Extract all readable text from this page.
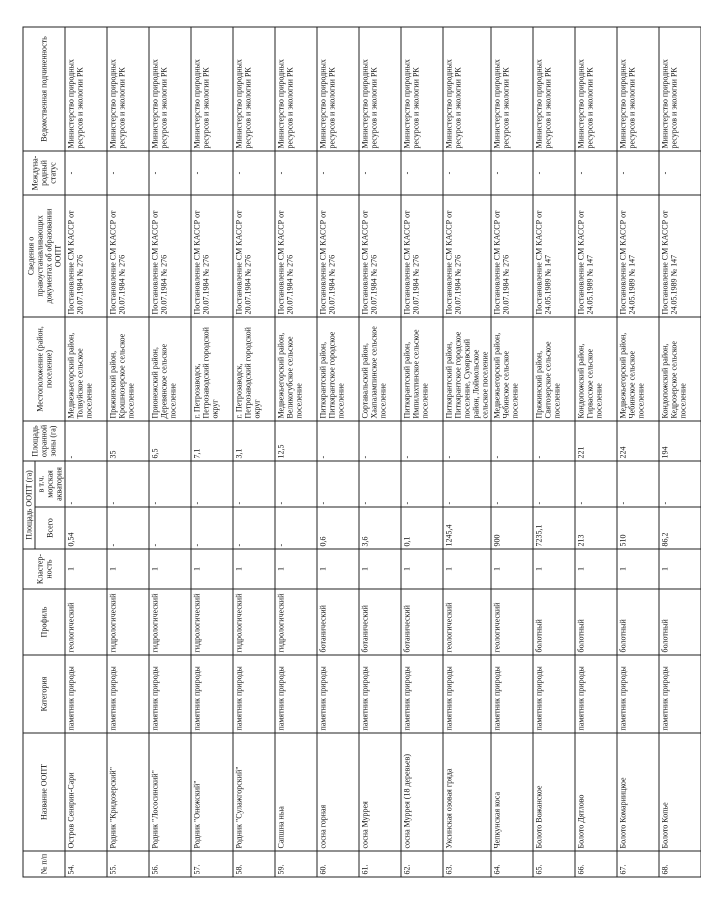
№ п/п	Название ООПТ	Категория	Профиль	Кластер-ность	Площадь ООПТ (га)		Площадь охранной зоны (га)	Местоположение (район, поселение)	Сведения о правоустанавливающих документах об образовании ООПТ	Междуна-родный статус	Ведомственная подчиненность
					Всего	в т.ч. морская акватория					
54.	Остров Сенярин-Сари	памятник природы	геологический	1	0,54	-	-	Медвежьегорский район, Толвуйское сельское поселение	Постановление СМ КАССР от 20.07.1984 № 276	-	Министерство природных ресурсов и экологии РК
55.	Родник "Кридозерский"	памятник природы	гидрологический	1	-	-	35	Пряжинский район, Крошнозерское сельское поселение	Постановление СМ КАССР от 20.07.1984 № 276	-	Министерство природных ресурсов и экологии РК
56.	Родник "Лососинский"	памятник природы	гидрологический	1	-	-	6,5	Прионежский район, Деревянское сельское поселение	Постановление СМ КАССР от 20.07.1984 № 276	-	Министерство природных ресурсов и экологии РК
57.	Родник "Онежский"	памятник природы	гидрологический	1	-	-	7,1	г. Петрозаводск, Петрозаводский городской округ	Постановление СМ КАССР от 20.07.1984 № 276	-	Министерство природных ресурсов и экологии РК
58.	Родник "Сулажгорский"	памятник природы	гидрологический	1	-	-	3,1	г. Петрозаводск, Петрозаводский городской округ	Постановление СМ КАССР от 20.07.1984 № 276	-	Министерство природных ресурсов и экологии РК
59.	Сапшна ныа	памятник природы	гидрологический	1	-	-	12,5	Медвежьегорский район, Великогубское сельское поселение	Постановление СМ КАССР от 20.07.1984 № 276	-	Министерство природных ресурсов и экологии РК
60.	сосна горная	памятник природы	ботанический	1	0,6	-	-	Питкярантский район, Питкярантское городское поселение	Постановление СМ КАССР от 20.07.1984 № 276	-	Министерство природных ресурсов и экологии РК
61.	сосна Муррея	памятник природы	ботанический	1	3,6	-	-	Сортавальский район, Хаапалампинское сельское поселение	Постановление СМ КАССР от 20.07.1984 № 276	-	Министерство природных ресурсов и экологии РК
62.	сосна Муррея (18 деревьев)	памятник природы	ботанический	1	0,1	-	-	Питкярантский район, Импилахтинское сельское поселение	Постановление СМ КАССР от 20.07.1984 № 276	-	Министерство природных ресурсов и экологии РК
63.	Уксинская озовая гряда	памятник природы	геологический	1	1245,4	-	-	Питкярантский район, Питкярантское городское поселение, Суоярвский район, Лоймольское сельское поселение	Постановление СМ КАССР от 20.07.1984 № 276	-	Министерство природных ресурсов и экологии РК
64.	Чепкунская коса	памятник природы	геологический	1	900	-	-	Медвежьегорский район, Чебинское сельское поселение	Постановление СМ КАССР от 20.07.1984 № 276	-	Министерство природных ресурсов и экологии РК
65.	Болото Вожанское	памятник природы	болотный	1	7235,1	-	-	Пряжинский район, Святозерское сельское поселение	Постановление СМ КАССР от 24.05.1989 № 147	-	Министерство природных ресурсов и экологии РК
66.	Болото Дятлово	памятник природы	болотный	1	213	-	221	Кондопожский район, Гирвасское сельское поселение	Постановление СМ КАССР от 24.05.1989 № 147	-	Министерство природных ресурсов и экологии РК
67.	Болото Комариицкое	памятник природы	болотный	1	510	-	224	Медвежьегорский район, Чебинское сельское поселение	Постановление СМ КАССР от 24.05.1989 № 147	-	Министерство природных ресурсов и экологии РК
68.	Болото Копье	памятник природы	болотный	1	86,2	-	194	Кондопожский район, Кедрозерское сельское поселение	Постановление СМ КАССР от 24.05.1989 № 147	-	Министерство природных ресурсов и экологии РК
